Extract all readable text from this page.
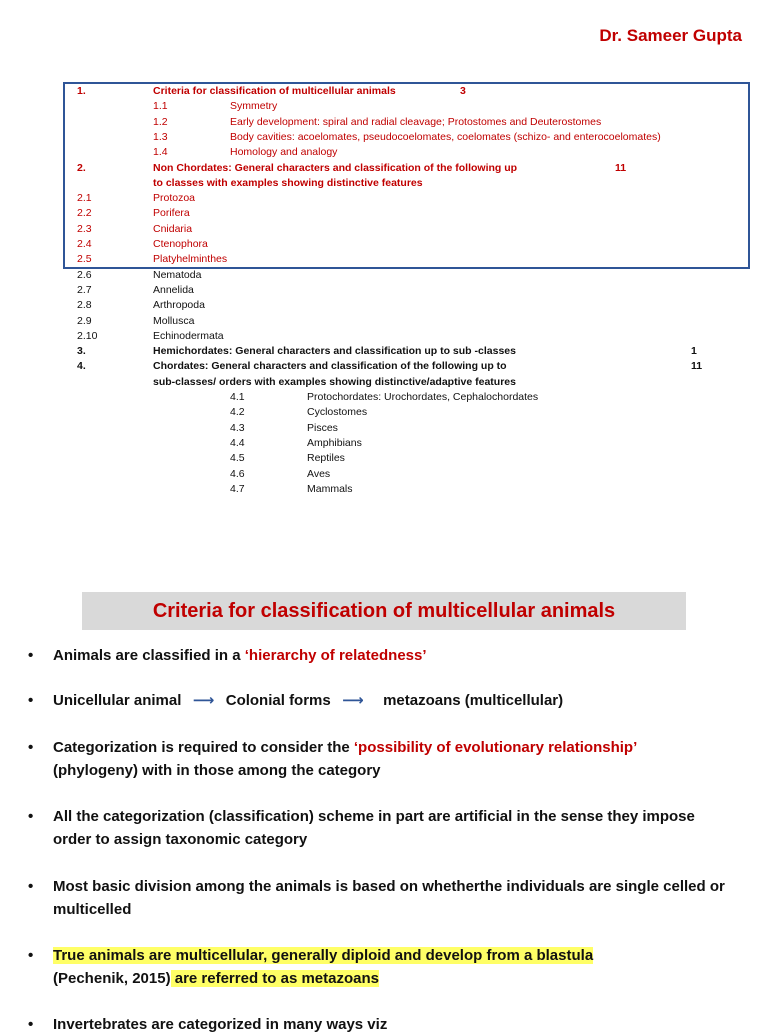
Dr. Sameer Gupta
1.	Criteria for classification of multicellular animals	3
1.1	Symmetry
1.2	Early development: spiral and radial cleavage; Protostomes and Deuterostomes
1.3	Body cavities: acoelomates, pseudocoelomates, coelomates (schizo- and enterocoelomates)
1.4	Homology and analogy
2.	Non Chordates: General characters and classification of the following up	11
to classes with examples showing distinctive features
2.1	Protozoa
2.2	Porifera
2.3	Cnidaria
2.4	Ctenophora
2.5	Platyhelminthes
2.6	Nematoda
2.7	Annelida
2.8	Arthropoda
2.9	Mollusca
2.10	Echinodermata
3.	Hemichordates: General characters and classification up to sub -classes	1
4.	Chordates: General characters and classification of the following up to	11
sub-classes/ orders with examples showing distinctive/adaptive features
4.1	Protochordates: Urochordates, Cephalochordates
4.2	Cyclostomes
4.3	Pisces
4.4	Amphibians
4.5	Reptiles
4.6	Aves
4.7	Mammals
Criteria for classification of multicellular animals
• Animals are classified in a ‘hierarchy of relatedness’
• Unicellular animal ⟶ Colonial forms ⟶ metazoans (multicellular)
• Categorization is required to consider the ‘possibility of evolutionary relationship’
(phylogeny) with in those among the category
• All the categorization (classification) scheme in part are artificial in the sense they impose order to assign taxonomic category
• Most basic division among the animals is based on whetherthe individuals are single celled or multicelled
• True animals are multicellular, generally diploid and develop from a blastula
(Pechenik, 2015) are referred to as metazoans
• Invertebrates are categorized in many ways viz
